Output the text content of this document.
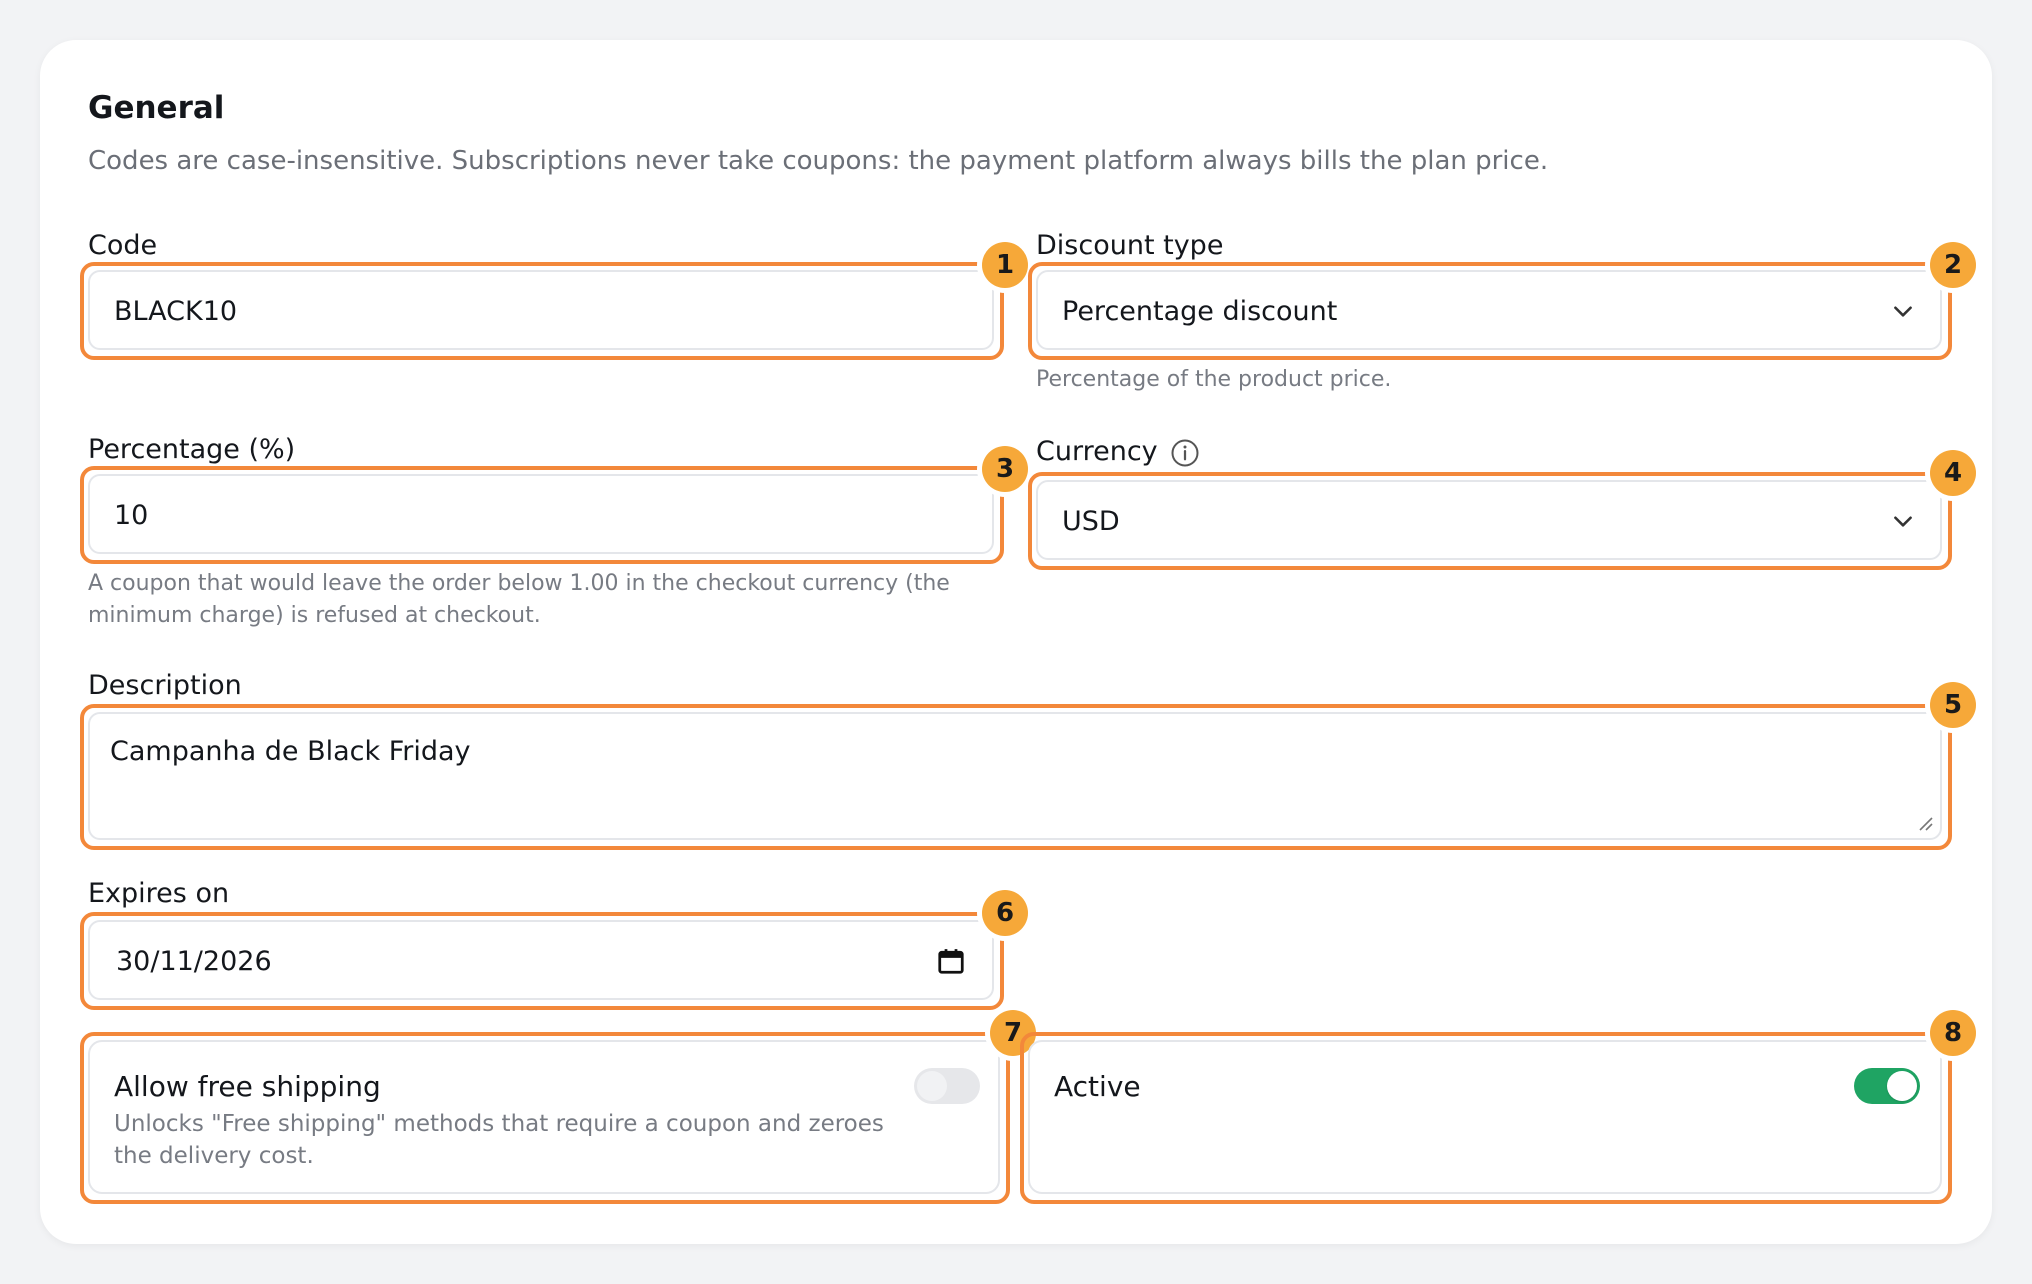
General
Codes are case-insensitive. Subscriptions never take coupons: the payment platform always bills the plan price.
Code
BLACK10
1
Discount type
Percentage discount
2
Percentage of the product price.
Percentage (%)
10
3
A coupon that would leave the order below 1.00 in the checkout currency (the minimum charge) is refused at checkout.
Currency
USD
4
Description
Campanha de Black Friday
5
Expires on
30/11/2026
6
Allow free shipping
Unlocks "Free shipping" methods that require a coupon and zeroes the delivery cost.
7
Active
8
